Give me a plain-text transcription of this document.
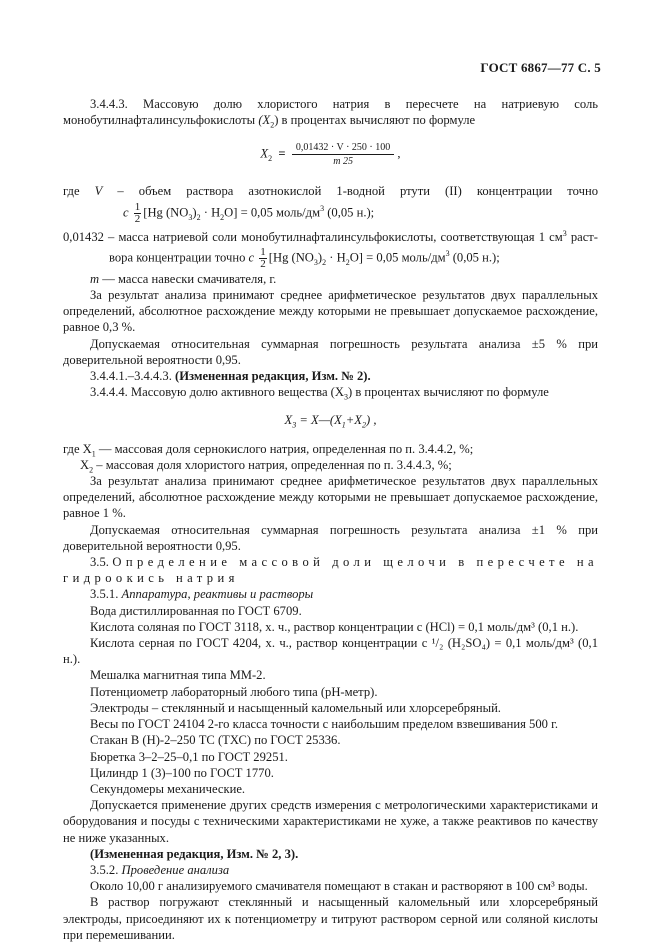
ГОСТ 6867—77 С. 5

3.4.4.3. Массовую долю хлористого натрия в пересчете на натриевую соль монобутилнафталинсульфокислоты $(X_2)$ в процентах вычисляют по формуле

$X_2 = \frac{0,01432 \cdot V \cdot 250 \cdot 100}{m 25}$ ,

где V – объем раствора азотнокислой 1-водной ртути (II) концентрации точно

c $\frac{1}{2} [Hg$ $(NO_3)_2 \cdot H_2O] = 0,05$ моль/$дм^3$ (0,05 н.);

0,01432 – масса натриевой соли монобутилнафталинсульфокислоты, соответствующая 1 $см^3$ раст-

вора концентрации точно c $\frac{1}{2} [Hg$ $(NO_3)_2 \cdot H_2O] = 0,05$ моль/$дм^3$ (0,05 н.);

m — масса навески смачивателя, г.

За результат анализа принимают среднее арифметическое результатов двух параллельных определений, абсолютное расхождение между которыми не превышает допускаемое расхождение, равное 0,3 %.

Допускаемая относительная суммарная погрешность результата анализа ±5 % при доверительной вероятности 0,95.

3.4.4.1.–3.4.4.3. (Измененная редакция, Изм. № 2).

3.4.4.4. Массовую долю активного вещества $(X_3)$ в процентах вычисляют по формуле

$X_3$ = $X—(X_1+X_2)$ ,

где $X_1$ — массовая доля сернокислого натрия, определенная по п. 3.4.4.2, %;

$X_2$ – массовая доля хлористого натрия, определенная по п. 3.4.4.3, %;

За результат анализа принимают среднее арифметическое результатов двух параллельных определений, абсолютное расхождение между которыми не превышает допускаемое расхождение, равное 1 %.

Допускаемая относительная суммарная погрешность результата анализа ±1 % при доверительной вероятности 0,95.

3.5. Определение массовой доли щелочи в пересчете на гидроокись натрия

3.5.1. Аппаратура, реактивы и растворы

Вода дистиллированная по ГОСТ 6709.

Кислота соляная по ГОСТ 3118, х. ч., раствор концентрации c (HCl) = 0,1 моль/дм³ (0,1 н.).

Кислота серная по ГОСТ 4204, х. ч., раствор концентрации c ¹/₂ (H₂SO₄) = 0,1 моль/дм³ (0,1 н.).

Мешалка магнитная типа ММ-2.

Потенциометр лабораторный любого типа (рН-метр).

Электроды – стеклянный и насыщенный каломельный или хлорсеребряный.

Весы по ГОСТ 24104 2-го класса точности с наибольшим пределом взвешивания 500 г.

Стакан В (Н)-2–250 ТС (ТХС) по ГОСТ 25336.

Бюретка 3–2–25–0,1 по ГОСТ 29251.

Цилиндр 1 (3)–100 по ГОСТ 1770.

Секундомеры механические.

Допускается применение других средств измерения с метрологическими характеристиками и оборудования и посуды с техническими характеристиками не хуже, а также реактивов по качеству не ниже указанных.

(Измененная редакция, Изм. № 2, 3).

3.5.2. Проведение анализа

Около 10,00 г анализируемого смачивателя помещают в стакан и растворяют в 100 см³ воды.

В раствор погружают стеклянный и насыщенный каломельный или хлорсеребряный электроды, присоединяют их к потенциометру и титруют раствором серной или соляной кислоты при перемешивании.
